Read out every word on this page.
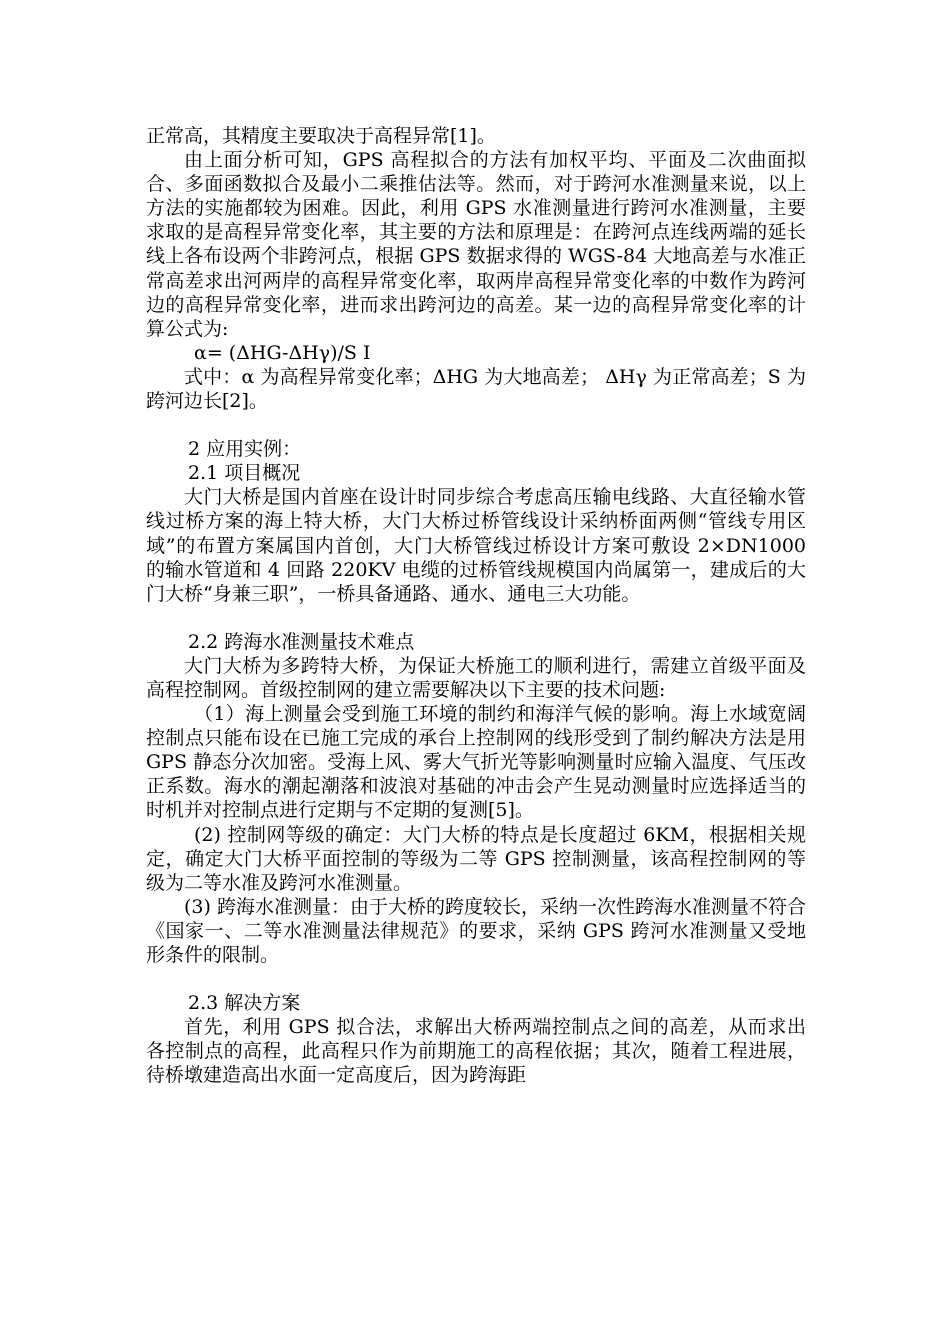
正常高，其精度主要取决于高程异常[1]。

由上面分析可知，GPS 高程拟合的方法有加权平均、平面及二次曲面拟合、多面函数拟合及最小二乘推估法等。然而，对于跨河水准测量来说，以上方法的实施都较为困难。因此，利用 GPS 水准测量进行跨河水准测量，主要求取的是高程异常变化率，其主要的方法和原理是：在跨河点连线两端的延长线上各布设两个非跨河点，根据 GPS 数据求得的 WGS-84 大地高差与水准正常高差求出河两岸的高程异常变化率，取两岸高程异常变化率的中数作为跨河边的高程异常变化率，进而求出跨河边的高差。某一边的高程异常变化率的计算公式为:

α= (ΔHG-ΔHγ)/S I

式中：α 为高程异常变化率；ΔHG 为大地高差； ΔHγ 为正常高差；S 为跨河边长[2]。

2 应用实例：

2.1 项目概况

大门大桥是国内首座在设计时同步综合考虑高压输电线路、大直径输水管线过桥方案的海上特大桥，大门大桥过桥管线设计采纳桥面两侧“管线专用区域”的布置方案属国内首创，大门大桥管线过桥设计方案可敷设 2×DN1000 的输水管道和 4 回路 220KV 电缆的过桥管线规模国内尚属第一，建成后的大门大桥“身兼三职”，一桥具备通路、通水、通电三大功能。

2.2 跨海水准测量技术难点

大门大桥为多跨特大桥，为保证大桥施工的顺利进行，需建立首级平面及高程控制网。首级控制网的建立需要解决以下主要的技术问题:

（1）海上测量会受到施工环境的制约和海洋气候的影响。海上水域宽阔控制点只能布设在已施工完成的承台上控制网的线形受到了制约解决方法是用 GPS 静态分次加密。受海上风、雾大气折光等影响测量时应输入温度、气压改正系数。海水的潮起潮落和波浪对基础的冲击会产生晃动测量时应选择适当的时机并对控制点进行定期与不定期的复测[5]。

(2) 控制网等级的确定：大门大桥的特点是长度超过 6KM，根据相关规定，确定大门大桥平面控制的等级为二等 GPS 控制测量，该高程控制网的等级为二等水准及跨河水准测量。

(3) 跨海水准测量：由于大桥的跨度较长，采纳一次性跨海水准测量不符合《国家一、二等水准测量法律规范》的要求，采纳 GPS 跨河水准测量又受地形条件的限制。

2.3 解决方案

首先，利用 GPS 拟合法，求解出大桥两端控制点之间的高差，从而求出各控制点的高程，此高程只作为前期施工的高程依据；其次，随着工程进展，待桥墩建造高出水面一定高度后，因为跨海距
